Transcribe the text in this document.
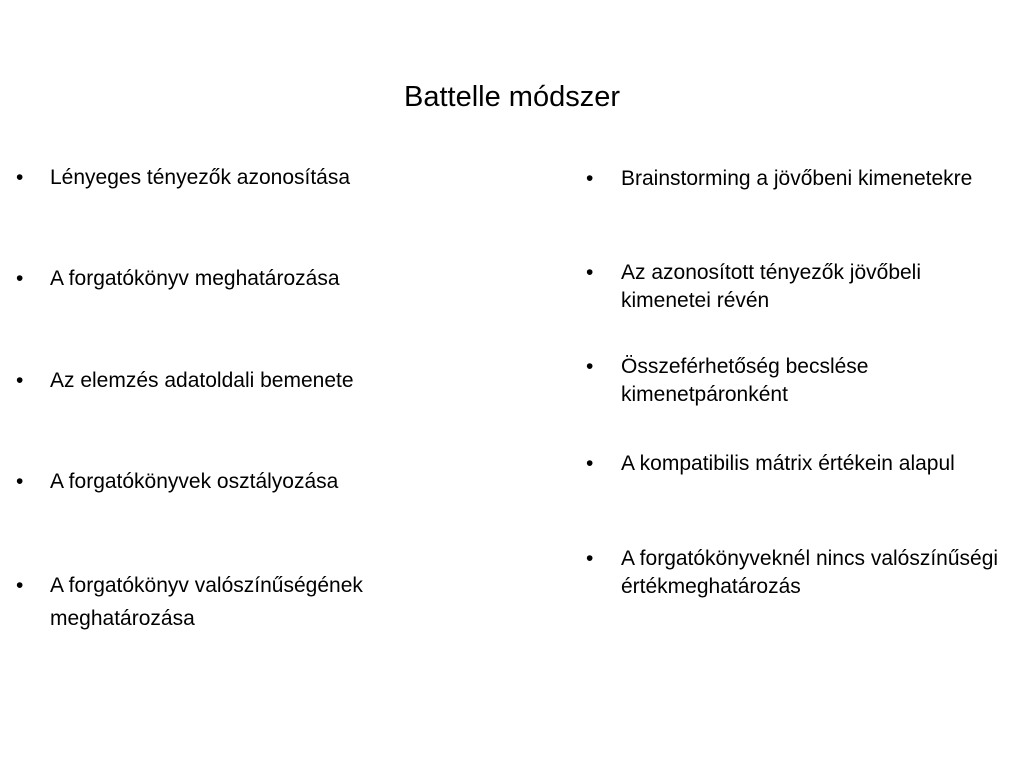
Battelle módszer
• Lényeges tényezők azonosítása
• A forgatókönyv meghatározása
• Az elemzés adatoldali bemenete
• A forgatókönyvek osztályozása
• A forgatókönyv valószínűségének meghatározása
• Brainstorming a jövőbeni kimenetekre
• Az azonosított tényezők jövőbeli kimenetei révén
• Összeférhetőség becslése kimenetpáronként
• A kompatibilis mátrix értékein alapul
• A forgatókönyveknél nincs valószínűségi értékmeghatározás
